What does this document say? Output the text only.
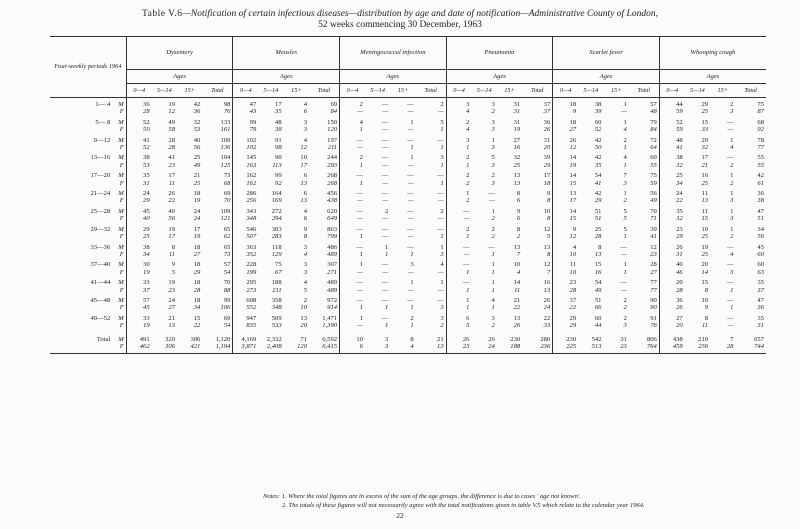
Table V.6—Notification of certain infectious diseases—distribution by age and date of notification—Administrative County of London,
52 weeks commencing 30 December, 1963
Four-weekly periods 1964		Dysentery				Measles				Meningococcal infection				Pneumonia				Scarlet fever				Whooping cough			
		Ages				Ages				Ages				Ages				Ages				Ages			
		0—4	5—14	15+	Total	0—4	5—14	15+	Total	0—4	5—14	15+	Total	0—4	5—14	15+	Total	0—4	5—14	15+	Total	0—4	5—14	15+	Total
1— 4	M	36	19	42	98	47	17	4	69	2	—	—	2	3	3	31	37	18	38	1	57	44	29	2	75
	F	28	12	36	76	43	35	6	84	—	—	—	—	4	2	31	37	9	39	—	48	59	25	3	87
5— 8	M	52	49	32	133	99	48	3	150	4	—	1	5	2	3	31	36	18	60	1	79	52	15	—	68
	F	50	58	53	161	79	38	3	120	1	—	—	1	4	3	19	26	27	52	4	84	59	33	—	92
9—12	M	41	28	40	109	102	91	4	197	—	—	—	—	3	1	27	31	26	42	2	72	48	29	1	78
	F	52	28	56	136	102	98	12	211	—	—	1	1	1	3	16	20	12	50	1	64	41	32	4	77
13—16	M	38	41	25	104	145	90	10	244	2	—	1	3	2	5	32	39	14	42	4	60	38	17	—	55
	F	53	23	49	125	163	113	17	293	1	—	—	1	1	3	25	29	19	35	1	55	32	21	2	55
17—20	M	35	17	21	73	162	99	6	268	—	—	—	—	2	2	13	17	14	54	7	75	25	16	1	42
	F	31	11	25	68	162	92	13	268	1	—	—	1	2	3	13	18	15	41	3	59	34	25	2	61
21—24	M	24	26	18	69	286	164	6	456	—	—	—	—	1	—	8	9	13	42	1	56	24	11	1	36
	F	29	22	19	70	256	169	13	438	—	—	—	—	2	—	6	8	17	29	2	49	22	13	3	38
25—28	M	45	40	24	109	343	272	4	620	—	2	—	2	—	1	9	10	14	51	5	70	35	11	1	47
	F	40	56	24	121	348	294	6	649	—	—	—	—	—	2	6	8	15	51	5	71	32	15	3	51
29—32	M	29	19	17	65	546	303	9	863	—	—	—	—	2	2	8	12	9	25	5	39	23	10	1	34
	F	25	17	19	62	507	283	8	799	1	—	—	1	1	2	2	5	12	28	1	41	29	25	2	56
33—36	M	38	8	18	65	363	118	3	486	—	1	—	1	—	—	13	13	4	8	—	12	26	19	—	45
	F	34	11	27	73	352	129	4	489	1	1	1	3	—	1	7	8	10	13	—	23	31	25	4	60
37—40	M	30	9	18	57	228	75	3	307	1	—	3	4	—	1	10	12	11	15	1	28	40	20	—	60
	F	19	5	29	54	199	67	3	271	—	—	—	—	1	1	4	7	10	16	1	27	46	14	3	63
41—44	M	33	19	18	70	295	188	4	489	—	—	1	1	—	1	14	16	23	54	—	77	20	15	—	35
	F	37	23	28	88	273	211	5	489	—	—	—	—	1	1	11	13	28	49	—	77	28	8	1	37
45—48	M	57	24	18	99	608	358	2	972	—	—	—	—	1	4	21	26	37	51	2	90	36	10	—	47
	F	45	27	34	106	552	348	10	914	1	1	1	3	1	1	22	24	22	66	2	90	26	9	1	36
49—52	M	33	21	15	69	947	509	13	1,471	1	—	2	3	6	3	13	22	29	60	2	91	27	8	—	35
	F	19	13	22	54	835	533	20	1,390	—	1	1	2	5	2	26	33	29	44	3	76	20	11	—	31
Total	M	491	320	306	1,120	4,169	2,332	71	6,592	10	3	8	21	26	26	230	280	230	542	31	806	438	210	7	657
	F	462	306	421	1,194	3,871	2,408	120	6,415	6	3	4	13	23	24	188	236	225	513	23	764	459	256	28	744
Notes: 1. Where the total figures are in excess of the sum of the age groups, the difference is due to cases ' age not known'.
2. The totals of these figures will not necessarily agree with the total notifications given in table V.5 which relate to the calendar year 1964.
22
